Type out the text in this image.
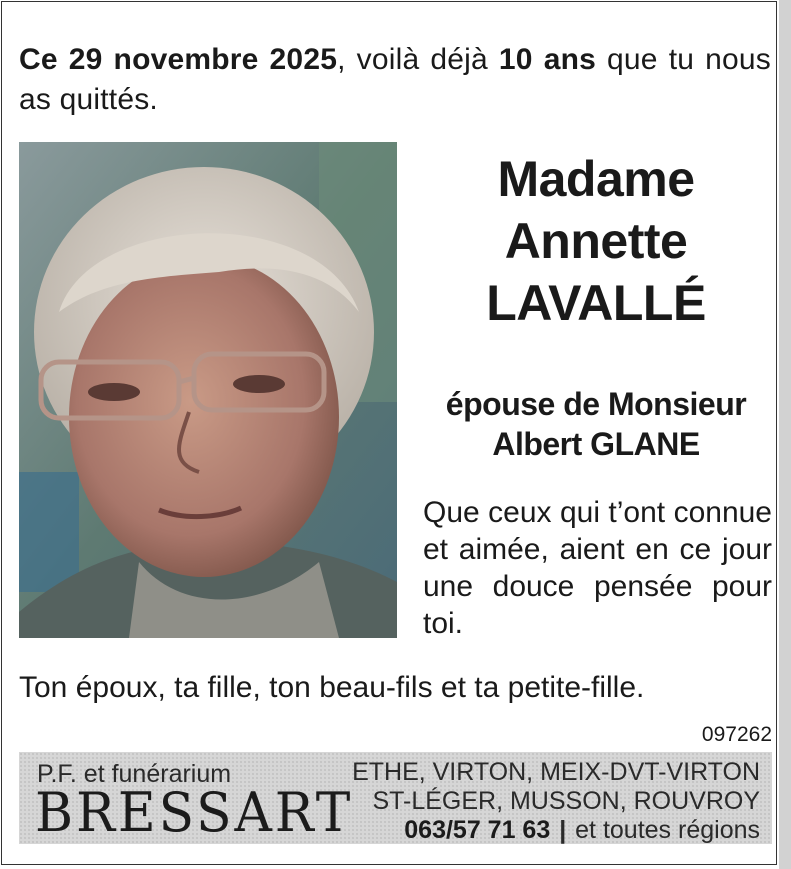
Ce 29 novembre 2025, voilà déjà 10 ans que tu nous as quittés.
Madame
Annette
LAVALLÉ
épouse de Monsieur
Albert GLANE
Que ceux qui t’ont connue et aimée, aient en ce jour une douce pensée pour toi.
Ton époux, ta fille, ton beau-fils et ta petite-fille.
097262
P.F. et funérarium
BRESSART
ETHE, VIRTON, MEIX-DVT-VIRTON
ST-LÉGER, MUSSON, ROUVROY
063/57 71 63 | et toutes régions
